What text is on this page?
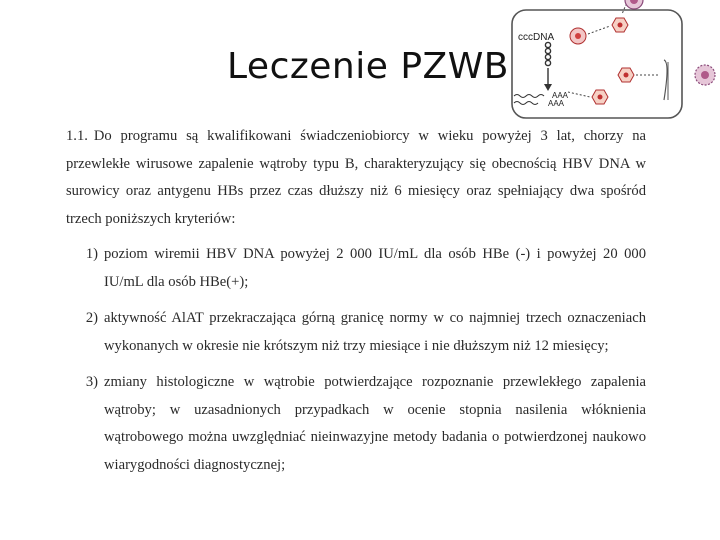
Leczenie PZWB
cccDNA
AAA
AAA

1.1. Do programu są kwalifikowani świadczeniobiorcy w wieku powyżej 3 lat, chorzy na przewlekłe wirusowe zapalenie wątroby typu B, charakteryzujący się obecnością HBV DNA w surowicy oraz antygenu HBs przez czas dłuższy niż 6 miesięcy oraz spełniający dwa spośród trzech poniższych kryteriów:

1) poziom wiremii HBV DNA powyżej 2 000 IU/mL dla osób HBe (-) i powyżej 20 000 IU/mL dla osób HBe(+);
2) aktywność AlAT przekraczająca górną granicę normy w co najmniej trzech oznaczeniach wykonanych w okresie nie krótszym niż trzy miesiące i nie dłuższym niż 12 miesięcy;
3) zmiany histologiczne w wątrobie potwierdzające rozpoznanie przewlekłego zapalenia wątroby; w uzasadnionych przypadkach w ocenie stopnia nasilenia włóknienia wątrobowego można uwzględniać nieinwazyjne metody badania o potwierdzonej naukowo wiarygodności diagnostycznej;
